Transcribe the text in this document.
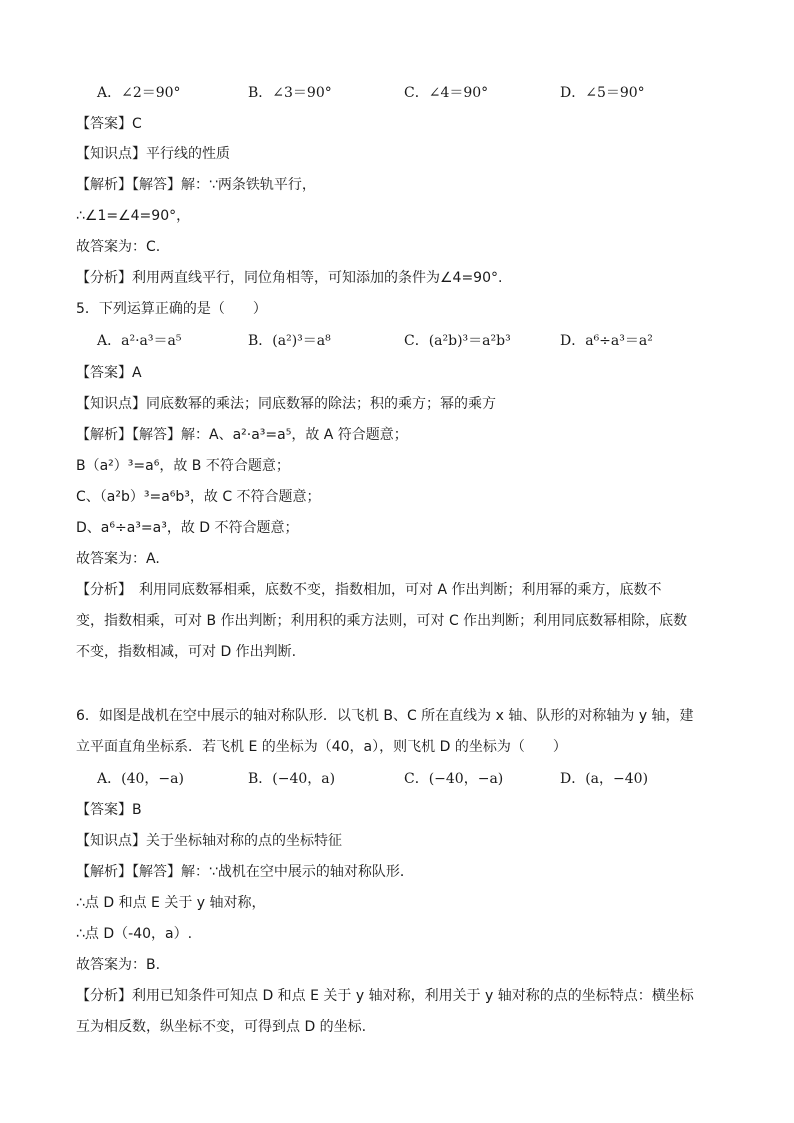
A．∠2＝90°	B．∠3＝90°	C．∠4＝90°	D．∠5＝90°
【答案】C
【知识点】平行线的性质
【解析】【解答】解：∵两条铁轨平行，
∴∠1=∠4=90°，
故答案为：C.
【分析】利用两直线平行，同位角相等，可知添加的条件为∠4=90°.
5．下列运算正确的是（　　）
A．a²·a³＝a⁵	B．(a²)³＝a⁸	C．(a²b)³＝a²b³	D．a⁶÷a³＝a²
【答案】A
【知识点】同底数幂的乘法；同底数幂的除法；积的乘方；幂的乘方
【解析】【解答】解：A、a²·a³=a⁵，故 A 符合题意；
B（a²）³=a⁶，故 B 不符合题意；
C、（a²b）³=a⁶b³，故 C 不符合题意；
D、a⁶÷a³=a³，故 D 不符合题意；
故答案为：A.
【分析】　利用同底数幂相乘，底数不变，指数相加，可对 A 作出判断；利用幂的乘方，底数不
变，指数相乘，可对 B 作出判断；利用积的乘方法则，可对 C 作出判断；利用同底数幂相除，底数
不变，指数相减，可对 D 作出判断.
6．如图是战机在空中展示的轴对称队形．以飞机 B、C 所在直线为 x 轴、队形的对称轴为 y 轴，建
立平面直角坐标系．若飞机 E 的坐标为（40，a），则飞机 D 的坐标为（　　）
A．(40，−a)	B．(−40，a)	C．(−40，−a)	D．(a，−40)
【答案】B
【知识点】关于坐标轴对称的点的坐标特征
【解析】【解答】解：∵战机在空中展示的轴对称队形．
∴点 D 和点 E 关于 y 轴对称，
∴点 D（-40，a）.
故答案为：B.
【分析】利用已知条件可知点 D 和点 E 关于 y 轴对称，利用关于 y 轴对称的点的坐标特点：横坐标
互为相反数，纵坐标不变，可得到点 D 的坐标.
